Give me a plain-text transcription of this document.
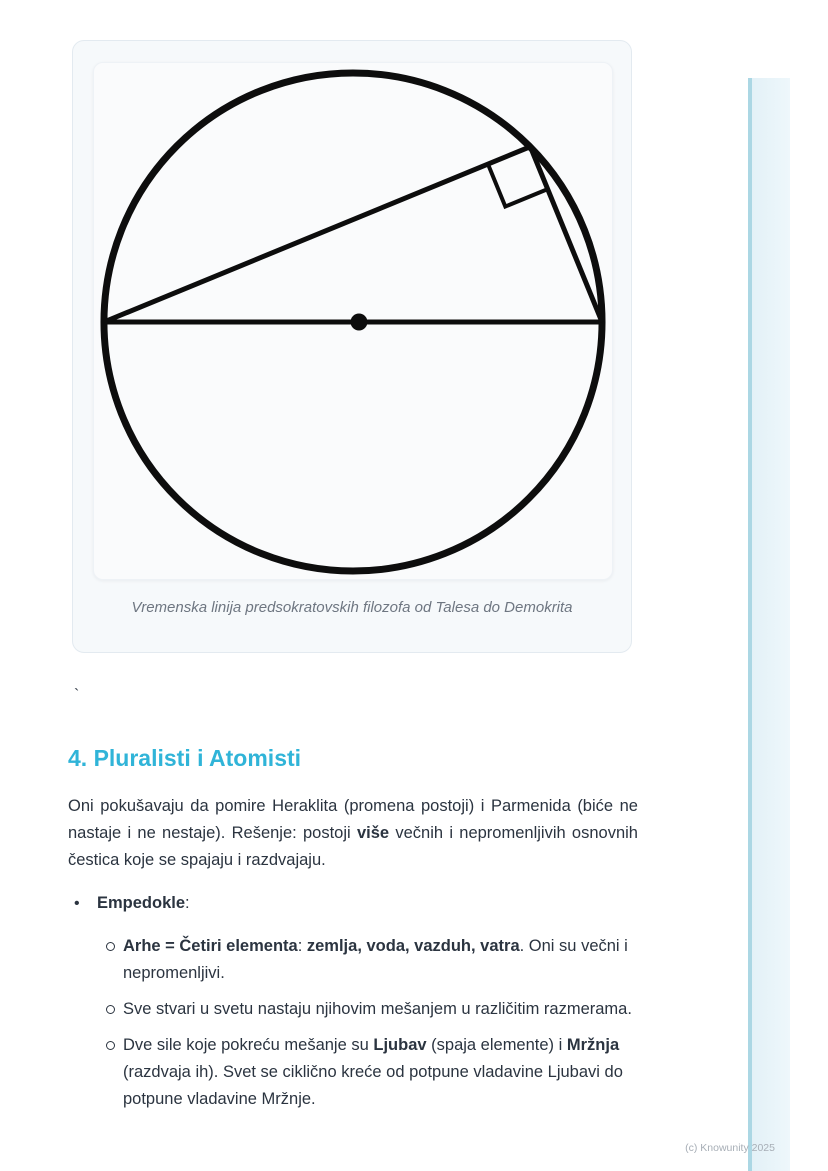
Vremenska linija predsokratovskih filozofa od Talesa do Demokrita
`
4. Pluralisti i Atomisti

Oni pokušavaju da pomire Heraklita (promena postoji) i Parmenida (biće ne nastaje i ne nestaje). Rešenje: postoji više večnih i nepromenljivih osnovnih čestica koje se spajaju i razdvajaju.

•	Empedokle:
Arhe = Četiri elementa: zemlja, voda, vazduh, vatra. Oni su večni i nepromenljivi.
Sve stvari u svetu nastaju njihovim mešanjem u različitim razmerama.
Dve sile koje pokreću mešanje su Ljubav (spaja elemente) i Mržnja (razdvaja ih). Svet se ciklično kreće od potpune vladavine Ljubavi do potpune vladavine Mržnje.
(c) Knowunity 2025
